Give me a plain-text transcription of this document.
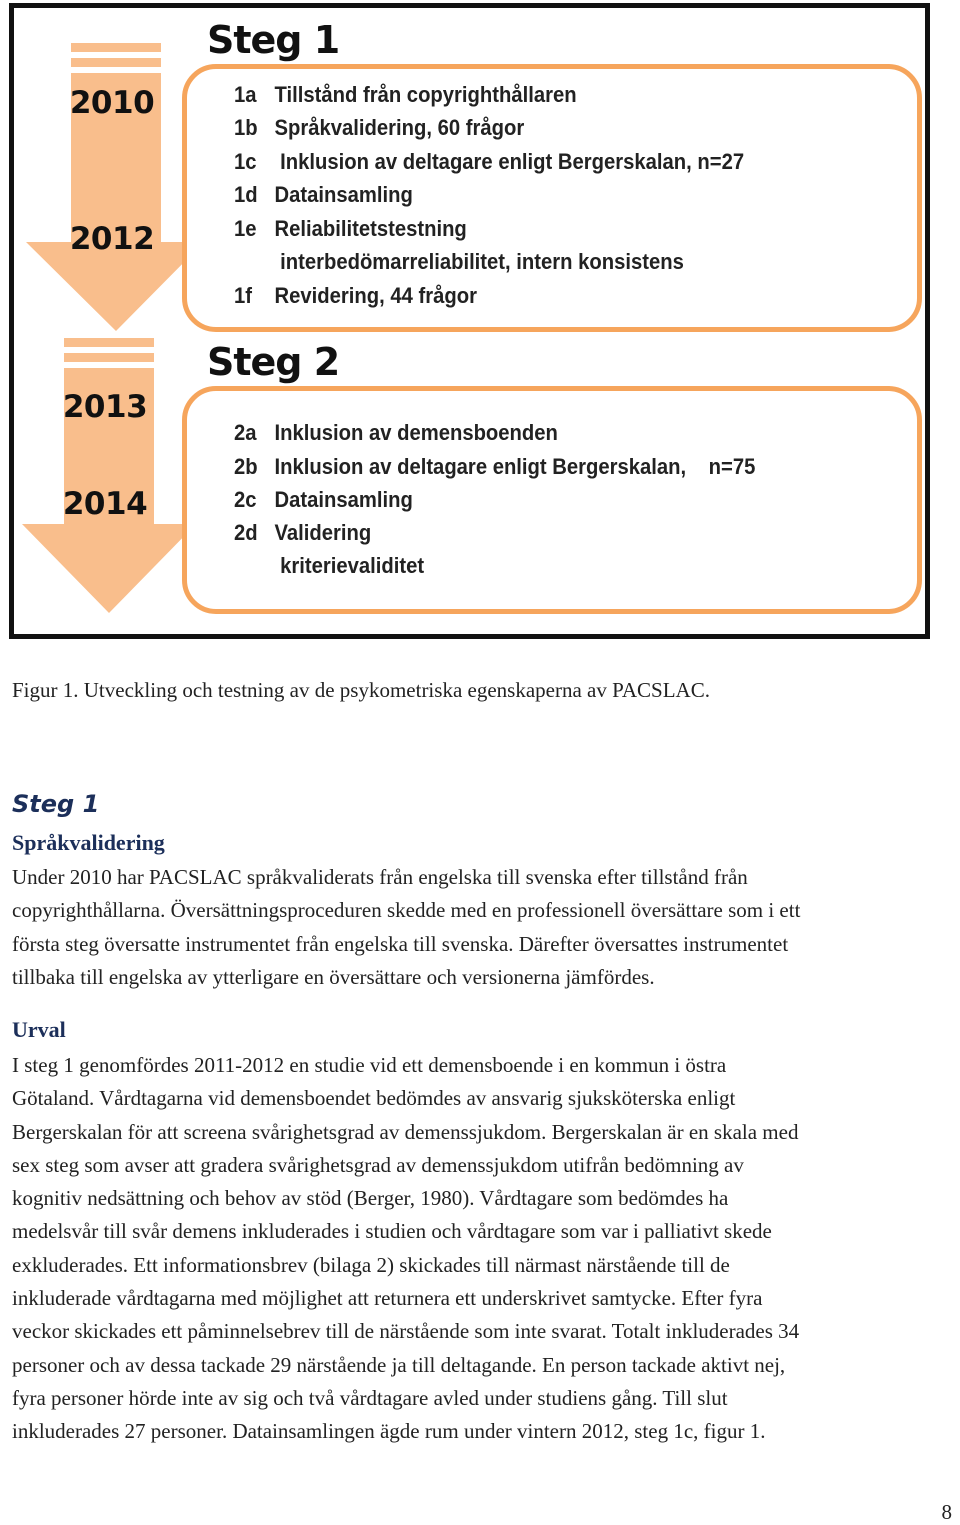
2010
2012
2013
2014
Steg 1
1a Tillstånd från copyrighthållaren
1b Språkvalidering, 60 frågor
1c Inklusion av deltagare enligt Bergerskalan, n=27
1d Datainsamling
1e Reliabilitetstestning
interbedömarreliabilitet, intern konsistens
1f Revidering, 44 frågor
Steg 2
2a Inklusion av demensboenden
2b Inklusion av deltagare enligt Bergerskalan,    n=75
2c Datainsamling
2d Validering
kriterievaliditet
Figur 1. Utveckling och testning av de psykometriska egenskaperna av PACSLAC.
Steg 1
Språkvalidering
Under 2010 har PACSLAC språkvaliderats från engelska till svenska efter tillstånd från
copyrighthållarna. Översättningsproceduren skedde med en professionell översättare som i ett
första steg översatte instrumentet från engelska till svenska. Därefter översattes instrumentet
tillbaka till engelska av ytterligare en översättare och versionerna jämfördes.
Urval
I steg 1 genomfördes 2011-2012 en studie vid ett demensboende i en kommun i östra
Götaland. Vårdtagarna vid demensboendet bedömdes av ansvarig sjuksköterska enligt
Bergerskalan för att screena svårighetsgrad av demenssjukdom. Bergerskalan är en skala med
sex steg som avser att gradera svårighetsgrad av demenssjukdom utifrån bedömning av
kognitiv nedsättning och behov av stöd (Berger, 1980). Vårdtagare som bedömdes ha
medelsvår till svår demens inkluderades i studien och vårdtagare som var i palliativt skede
exkluderades. Ett informationsbrev (bilaga 2) skickades till närmast närstående till de
inkluderade vårdtagarna med möjlighet att returnera ett underskrivet samtycke. Efter fyra
veckor skickades ett påminnelsebrev till de närstående som inte svarat. Totalt inkluderades 34
personer och av dessa tackade 29 närstående ja till deltagande. En person tackade aktivt nej,
fyra personer hörde inte av sig och två vårdtagare avled under studiens gång. Till slut
inkluderades 27 personer. Datainsamlingen ägde rum under vintern 2012, steg 1c, figur 1.
8
